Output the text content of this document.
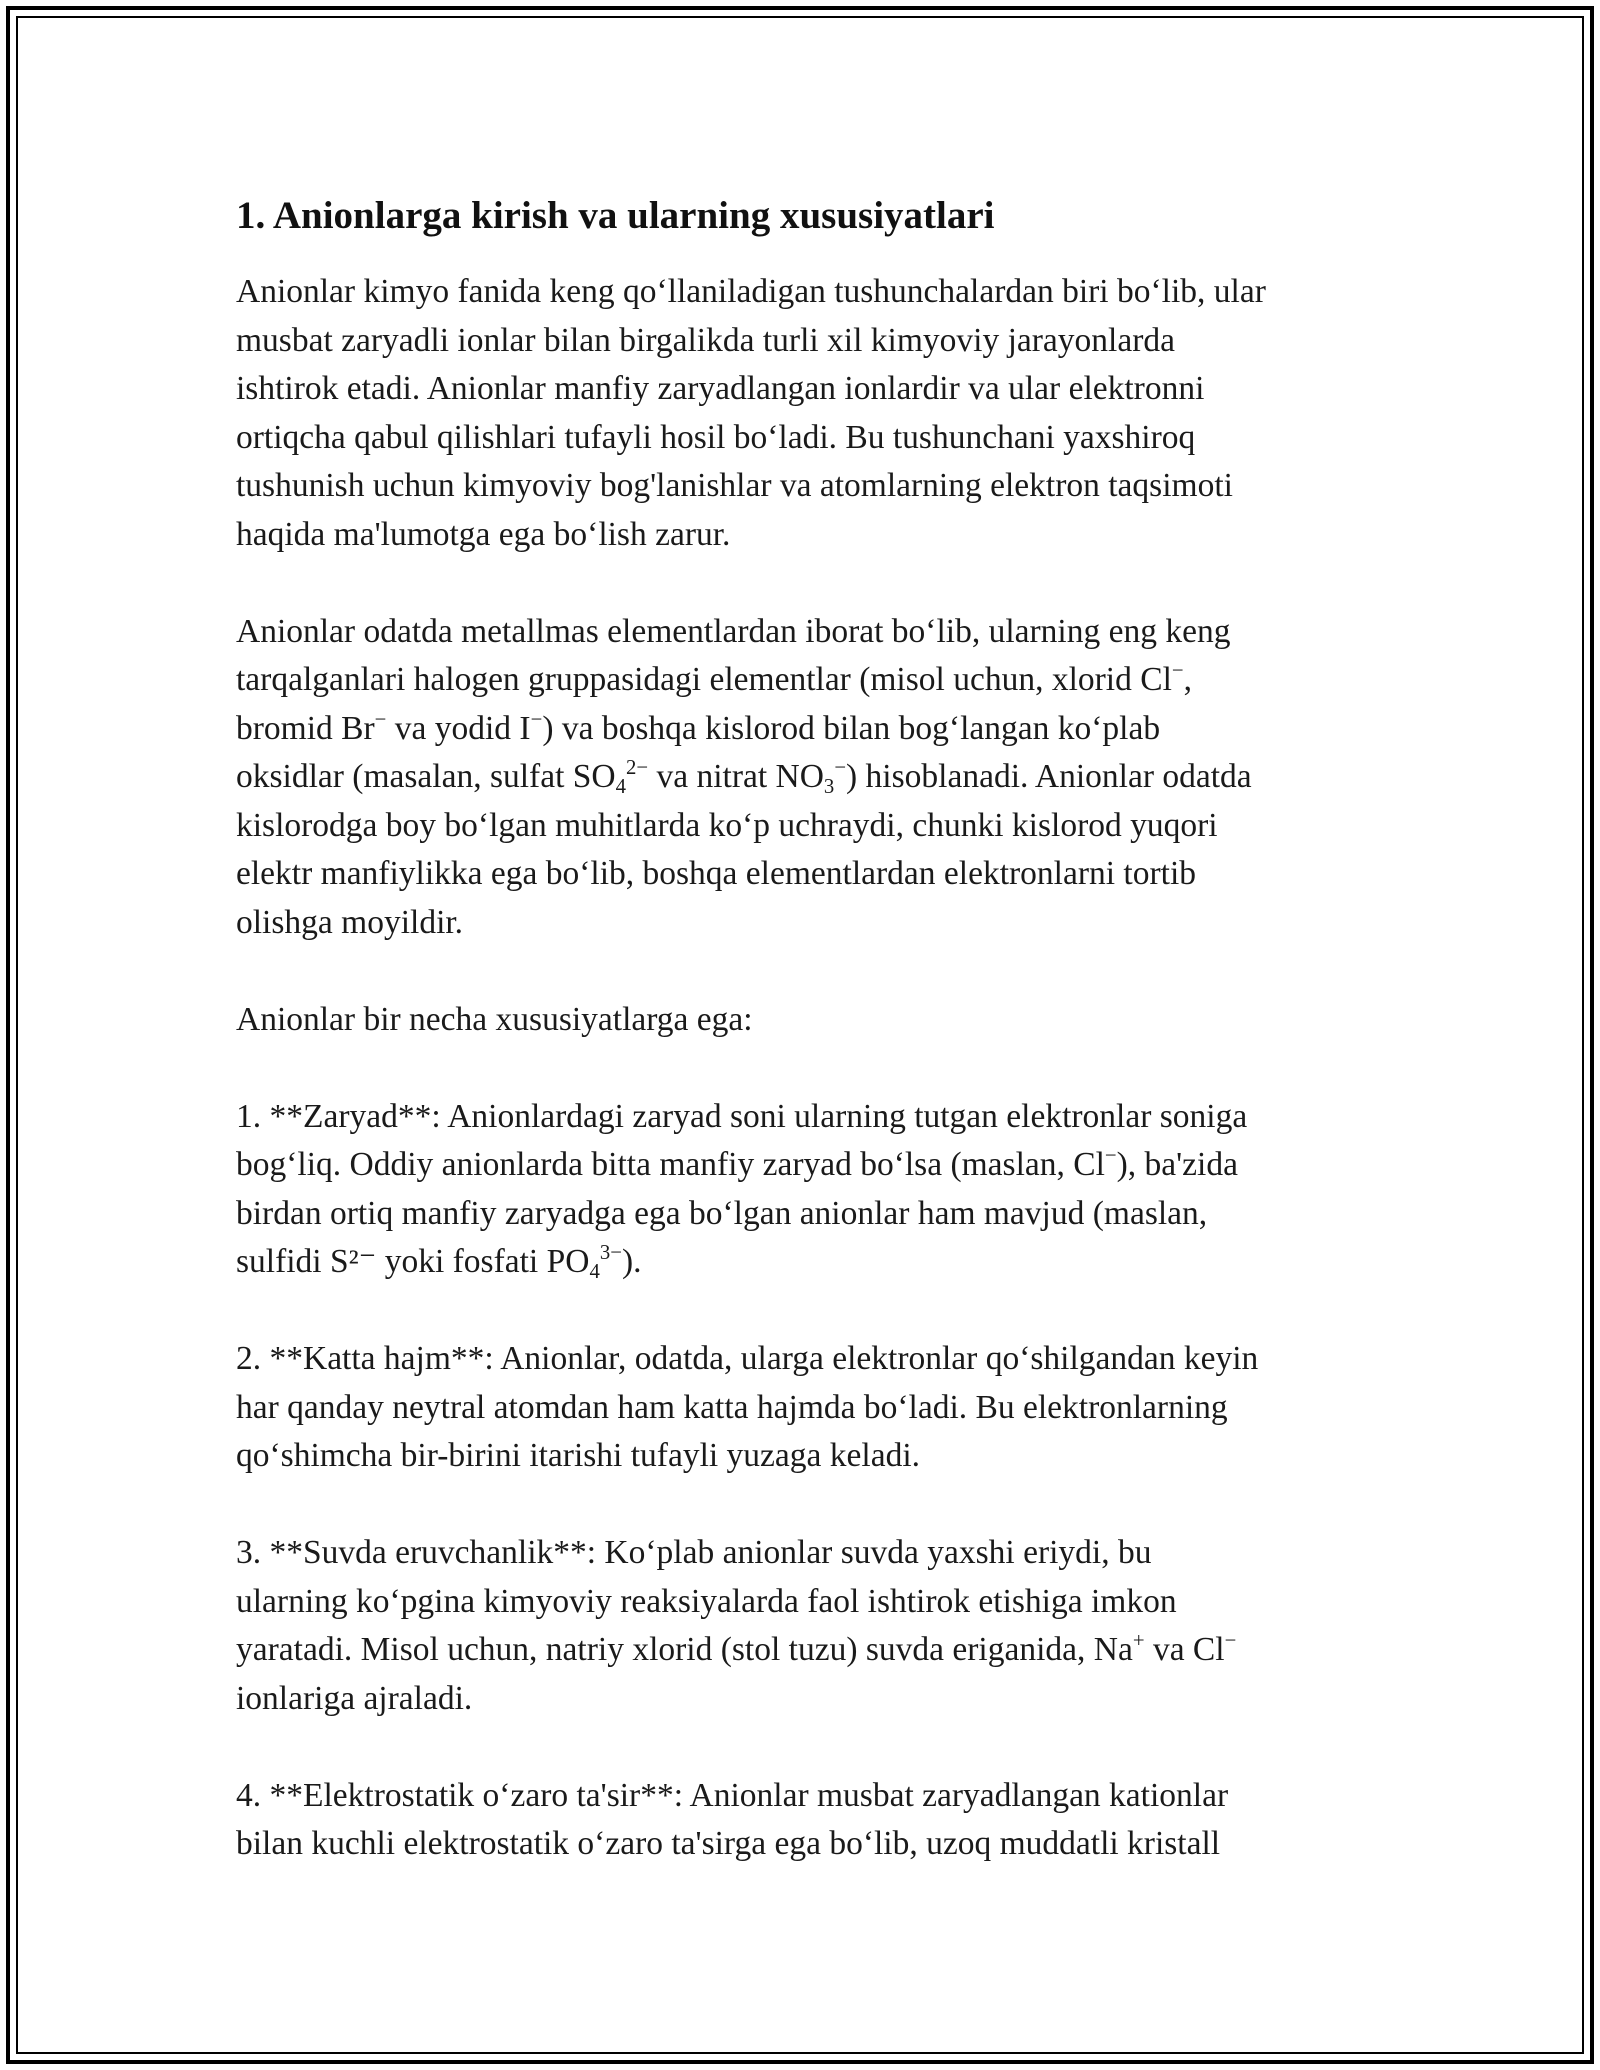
1. Anionlarga kirish va ularning xususiyatlari

Anionlar kimyo fanida keng qo‘llaniladigan tushunchalardan biri bo‘lib, ular
musbat zaryadli ionlar bilan birgalikda turli xil kimyoviy jarayonlarda
ishtirok etadi. Anionlar manfiy zaryadlangan ionlardir va ular elektronni
ortiqcha qabul qilishlari tufayli hosil bo‘ladi. Bu tushunchani yaxshiroq
tushunish uchun kimyoviy bog'lanishlar va atomlarning elektron taqsimoti
haqida ma'lumotga ega bo‘lish zarur.

Anionlar odatda metallmas elementlardan iborat bo‘lib, ularning eng keng
tarqalganlari halogen gruppasidagi elementlar (misol uchun, xlorid Cl−,
bromid Br− va yodid I−) va boshqa kislorod bilan bog‘langan ko‘plab
oksidlar (masalan, sulfat $SO_4^{2-}$ va nitrat $NO_3^-$) hisoblanadi. Anionlar odatda
kislorodga boy bo‘lgan muhitlarda ko‘p uchraydi, chunki kislorod yuqori
elektr manfiylikka ega bo‘lib, boshqa elementlardan elektronlarni tortib
olishga moyildir.

Anionlar bir necha xususiyatlarga ega:

1. **Zaryad**: Anionlardagi zaryad soni ularning tutgan elektronlar soniga
bog‘liq. Oddiy anionlarda bitta manfiy zaryad bo‘lsa (maslan, Cl−), ba'zida
birdan ortiq manfiy zaryadga ega bo‘lgan anionlar ham mavjud (maslan,
sulfidi S²⁻ yoki fosfati $PO_4^{3-}$).

2. **Katta hajm**: Anionlar, odatda, ularga elektronlar qo‘shilgandan keyin
har qanday neytral atomdan ham katta hajmda bo‘ladi. Bu elektronlarning
qo‘shimcha bir-birini itarishi tufayli yuzaga keladi.

3. **Suvda eruvchanlik**: Ko‘plab anionlar suvda yaxshi eriydi, bu
ularning ko‘pgina kimyoviy reaksiyalarda faol ishtirok etishiga imkon
yaratadi. Misol uchun, natriy xlorid (stol tuzu) suvda eriganida, Na+ va Cl−
ionlariga ajraladi.

4. **Elektrostatik o‘zaro ta'sir**: Anionlar musbat zaryadlangan kationlar
bilan kuchli elektrostatik o‘zaro ta'sirga ega bo‘lib, uzoq muddatli kristall
